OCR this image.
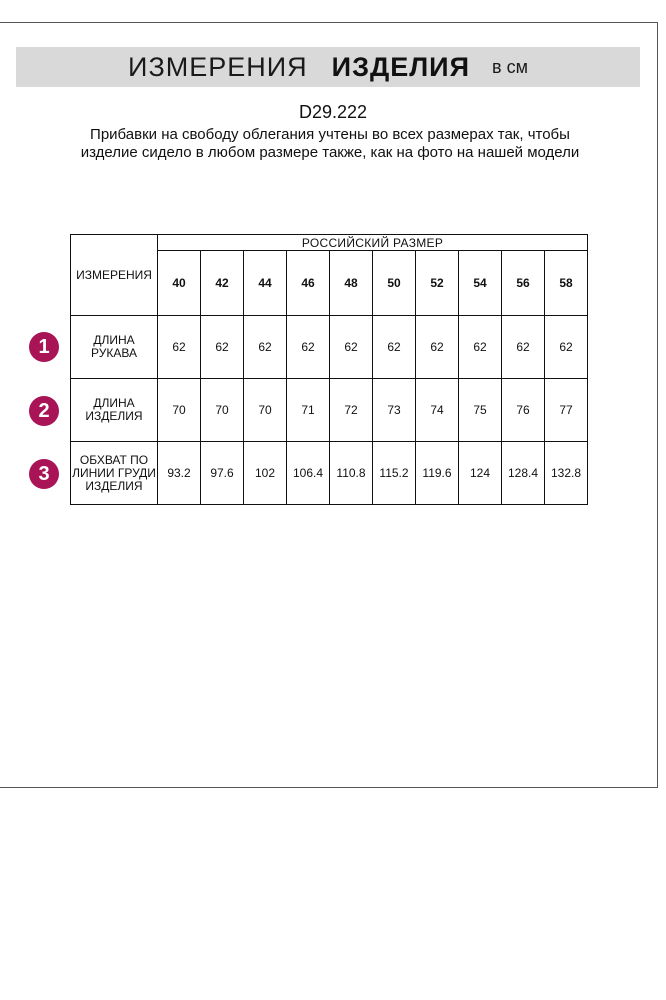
ИЗМЕРЕНИЯ ИЗДЕЛИЯ в см
D29.222
Прибавки на свободу облегания учтены во всех размерах так, чтобы изделие сидело в любом размере также, как на фото на нашей модели
ИЗМЕРЕНИЯ	РОССИЙСКИЙ РАЗМЕР									
	40	42	44	46	48	50	52	54	56	58
ДЛИНА РУКАВА	62	62	62	62	62	62	62	62	62	62
ДЛИНА ИЗДЕЛИЯ	70	70	70	71	72	73	74	75	76	77
ОБХВАТ ПО ЛИНИИ ГРУДИ ИЗДЕЛИЯ	93.2	97.6	102	106.4	110.8	115.2	119.6	124	128.4	132.8
1
2
3
